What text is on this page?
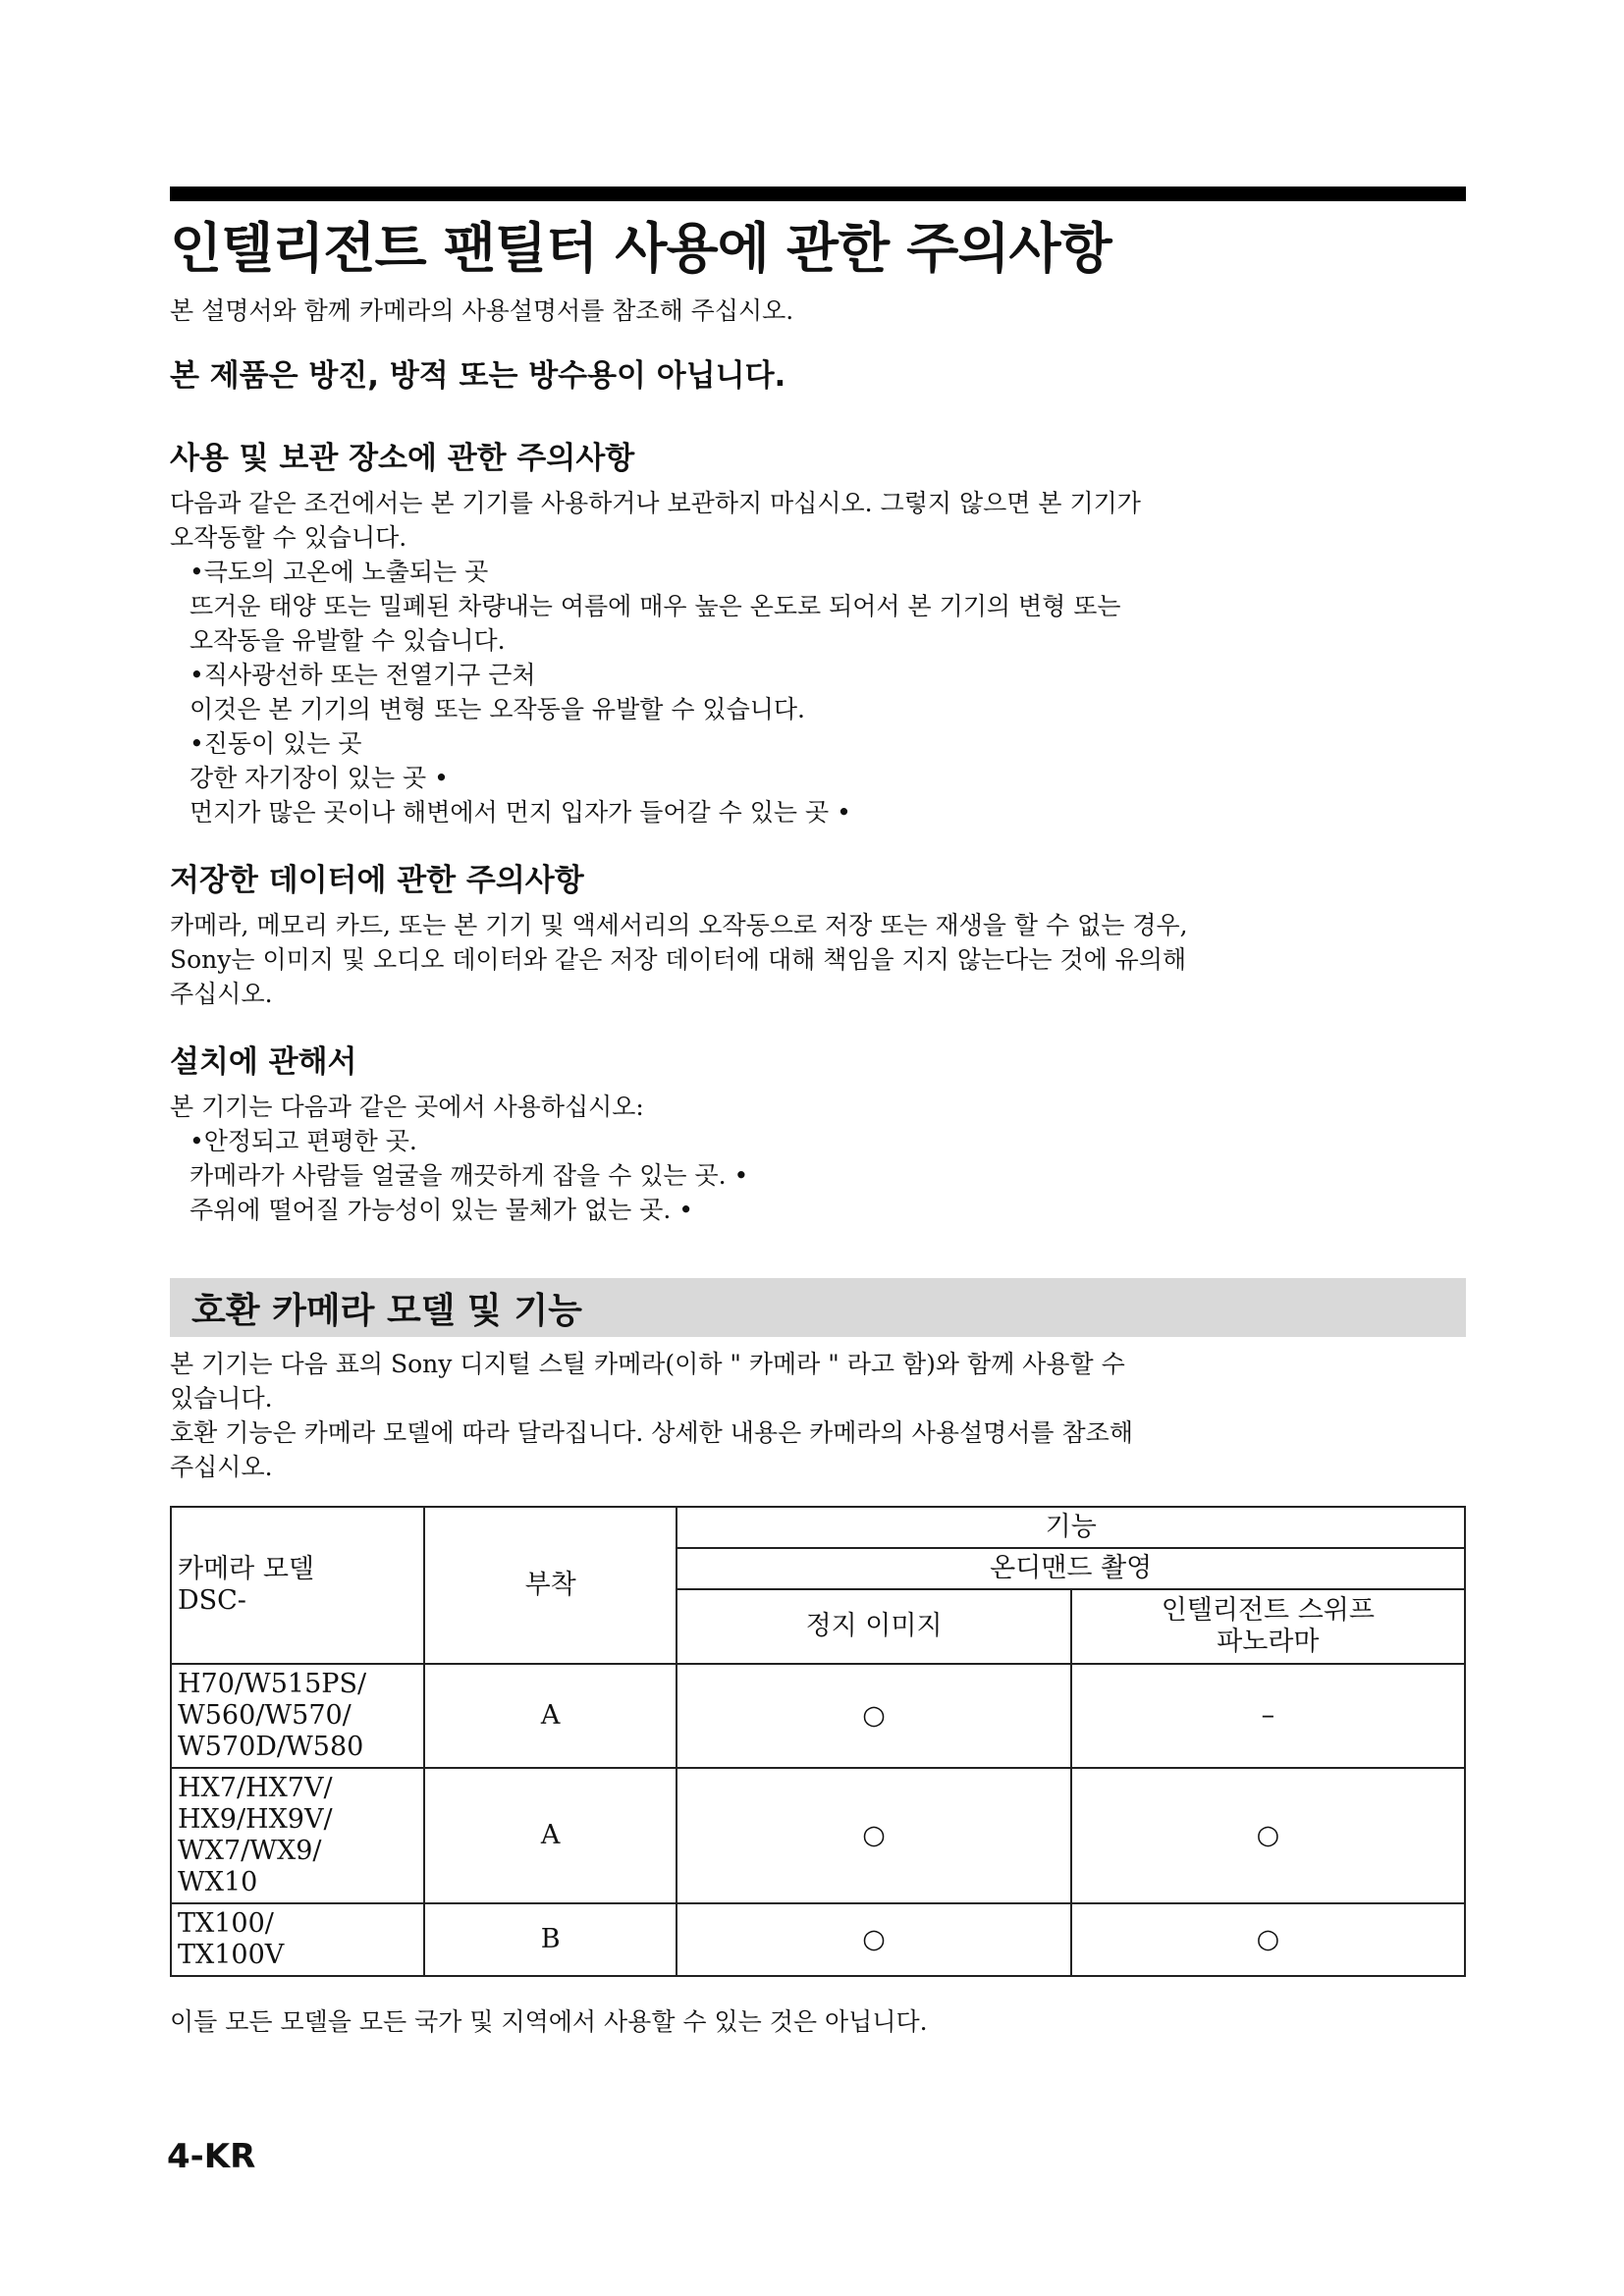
인텔리전트 팬틸터 사용에 관한 주의사항
본 설명서와 함께 카메라의 사용설명서를 참조해 주십시오.
본 제품은 방진, 방적 또는 방수용이 아닙니다.
사용 및 보관 장소에 관한 주의사항
다음과 같은 조건에서는 본 기기를 사용하거나 보관하지 마십시오. 그렇지 않으면 본 기기가
오작동할 수 있습니다.
•극도의 고온에 노출되는 곳
뜨거운 태양 또는 밀폐된 차량내는 여름에 매우 높은 온도로 되어서 본 기기의 변형 또는
오작동을 유발할 수 있습니다.
•직사광선하 또는 전열기구 근처
이것은 본 기기의 변형 또는 오작동을 유발할 수 있습니다.
•진동이 있는 곳
강한 자기장이 있는 곳 •
먼지가 많은 곳이나 해변에서 먼지 입자가 들어갈 수 있는 곳 •
저장한 데이터에 관한 주의사항
카메라, 메모리 카드, 또는 본 기기 및 액세서리의 오작동으로 저장 또는 재생을 할 수 없는 경우,
Sony는 이미지 및 오디오 데이터와 같은 저장 데이터에 대해 책임을 지지 않는다는 것에 유의해
주십시오.
설치에 관해서
본 기기는 다음과 같은 곳에서 사용하십시오:
•안정되고 편평한 곳.
카메라가 사람들 얼굴을 깨끗하게 잡을 수 있는 곳. •
주위에 떨어질 가능성이 있는 물체가 없는 곳. •
호환 카메라 모델 및 기능
본 기기는 다음 표의 Sony 디지털 스틸 카메라(이하 " 카메라 " 라고 함)와 함께 사용할 수
있습니다.
호환 기능은 카메라 모델에 따라 달라집니다. 상세한 내용은 카메라의 사용설명서를 참조해
주십시오.
카메라 모델
DSC-	부착	기능	
		온디맨드 촬영	
		정지 이미지	인텔리전트 스위프
파노라마

H70/W515PS/
W560/W570/
W570D/W580	A	○	–

HX7/HX7V/
HX9/HX9V/
WX7/WX9/
WX10	A	○	○

TX100/
TX100V	B	○	○
이들 모든 모델을 모든 국가 및 지역에서 사용할 수 있는 것은 아닙니다.
4-KR
